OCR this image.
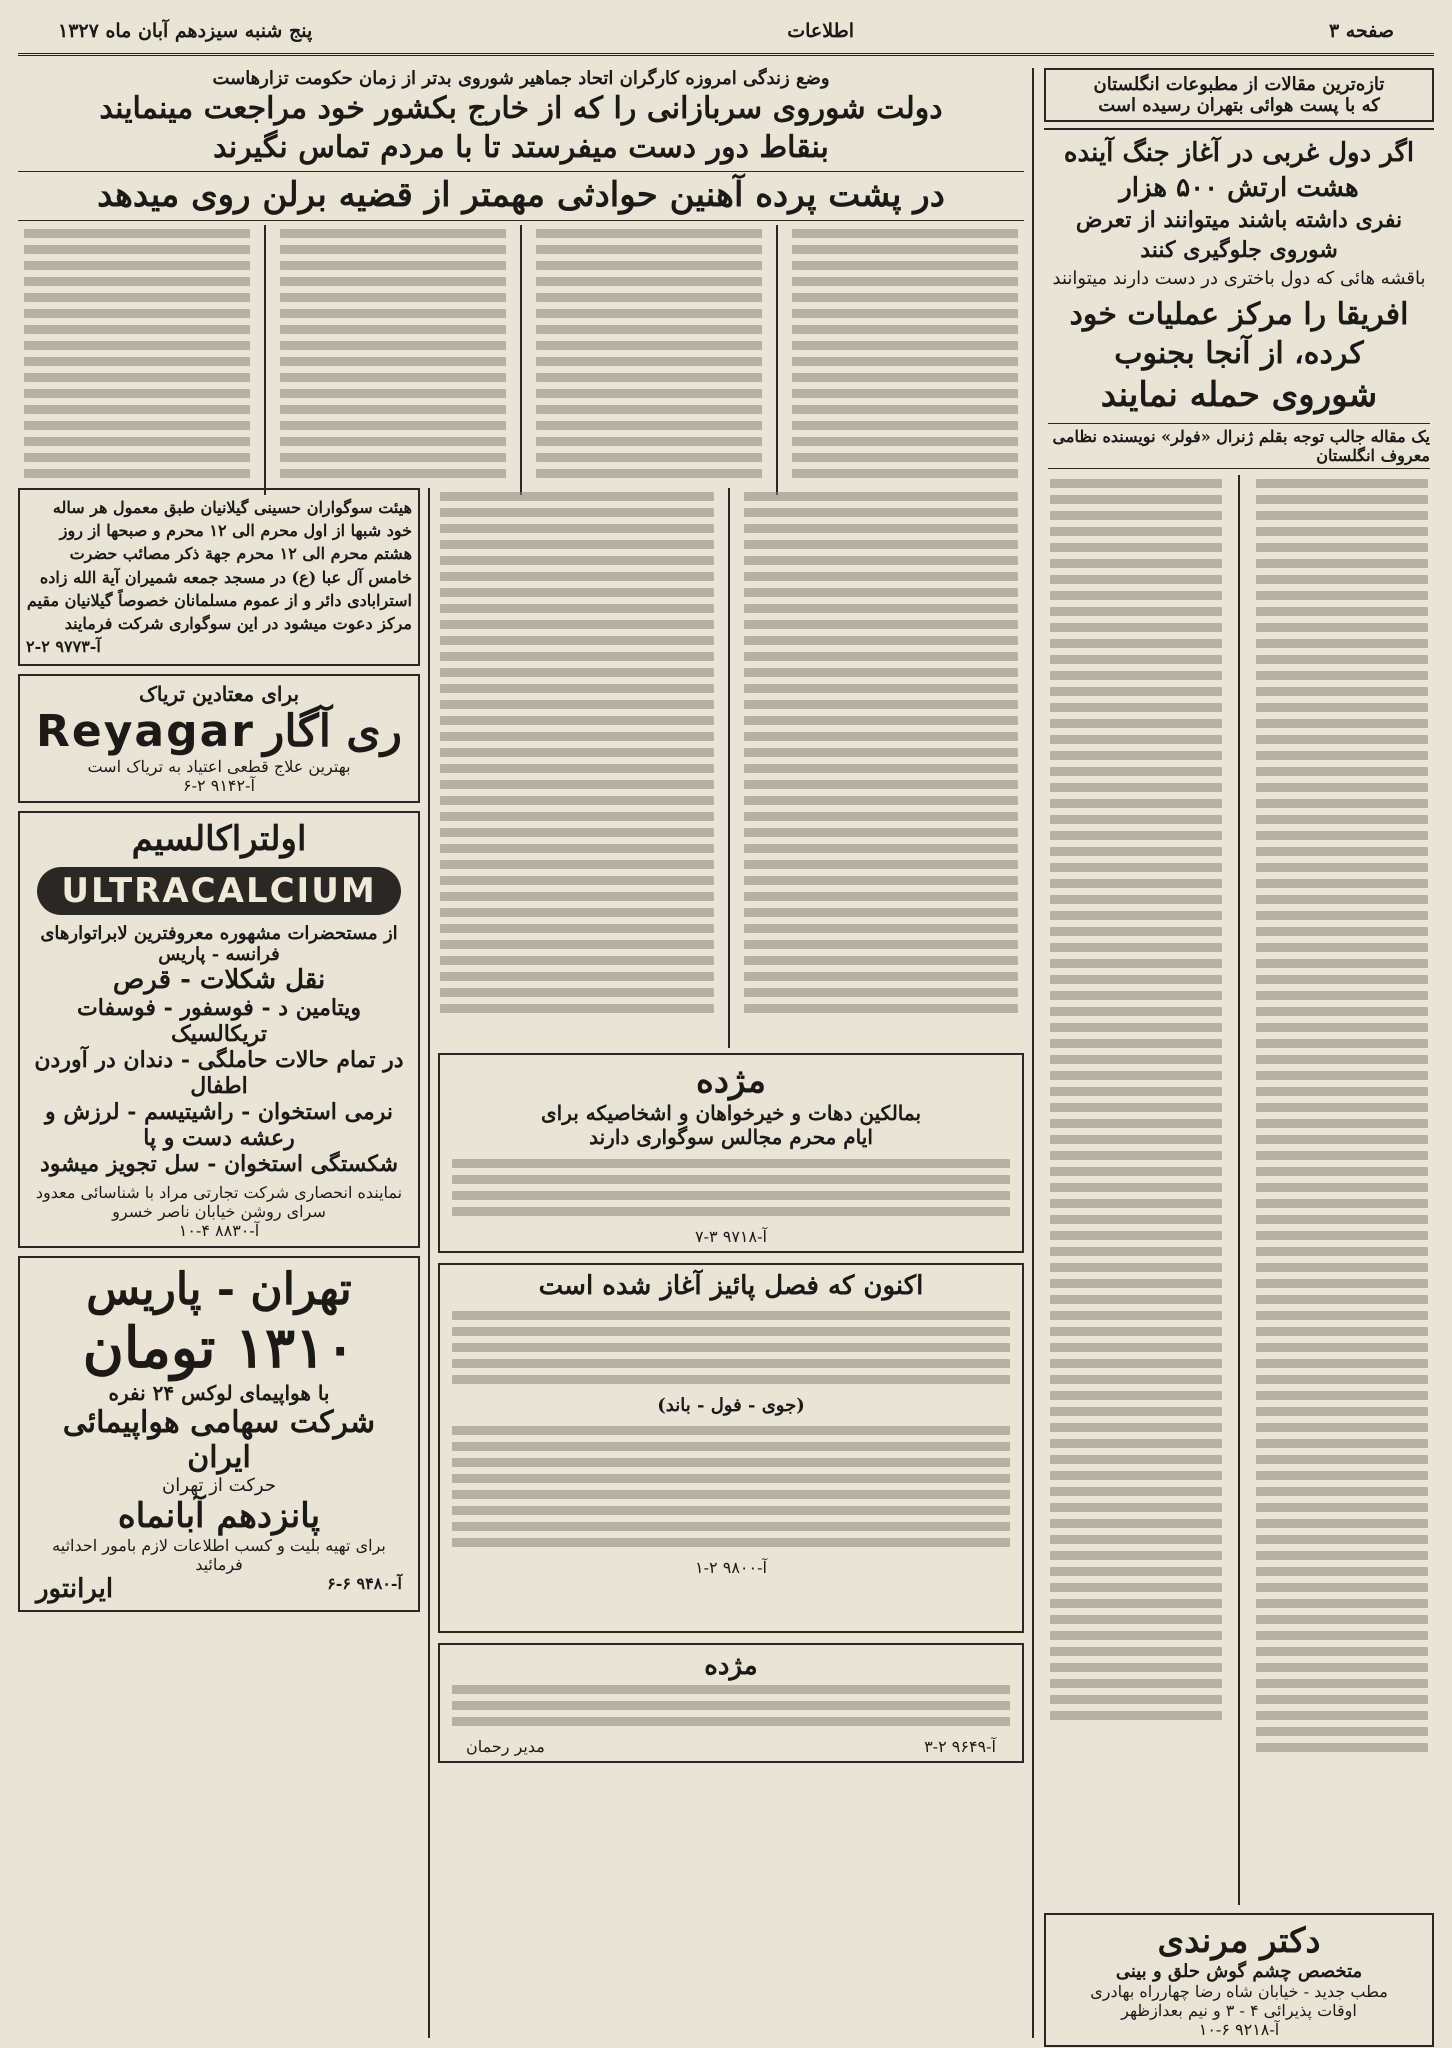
صفحه ۳
اطلاعات
پنج شنبه سیزدهم آبان ماه ۱۳۲۷
تازه‌ترین مقالات از مطبوعات انگلستان
که با پست هوائی بتهران رسیده است
اگر دول غربی در آغاز جنگ آینده هشت ارتش ۵۰۰ هزار
نفری داشته باشند میتوانند از تعرض شوروی جلوگیری کنند
باقشه هائی که دول باختری در دست دارند میتوانند
افریقا را مرکز عملیات خود کرده، از آنجا بجنوب
شوروی حمله نمایند
یک مقاله جالب توجه بقلم ژنرال «فولر» نویسنده نظامی معروف انگلستان
دکتر مرندی
متخصص چشم گوش حلق و بینی
مطب جدید - خیابان شاه رضا چهارراه بهادری
اوقات پذیرائی ۴ - ۳ و نیم بعدازظهر
آ-۹۲۱۸ ۶-۱۰
وضع زندگی امروزه کارگران اتحاد جماهیر شوروی بدتر از زمان حکومت تزارهاست
دولت شوروی سربازانی را که از خارج بکشور خود مراجعت مینمایند
بنقاط دور دست میفرستد تا با مردم تماس نگیرند
در پشت پرده آهنین حوادثی مهمتر از قضیه برلن روی میدهد
مژده
بمالکین دهات و خیرخواهان و اشخاصیکه برای
ایام محرم مجالس سوگواری دارند
آ-۹۷۱۸ ۳-۷
اکنون که فصل پائیز آغاز شده است
(جوی - فول - باند)
آ-۹۸۰۰ ۲-۱
مژده
آ-۹۶۴۹ ۲-۳
مدیر رحمان
هیئت سوگواران حسینی گیلانیان طبق معمول هر ساله خود شبها از اول محرم الی ۱۲ محرم و صبحها از روز هشتم محرم الی ۱۲ محرم جهة ذکر مصائب حضرت خامس آل عبا (ع) در مسجد جمعه شمیران آیة الله زاده استرابادی دائر و از عموم مسلمانان خصوصاً گیلانیان مقیم مرکز دعوت میشود در این سوگواری شرکت فرمایند
آ-۹۷۷۳ ۲-۲
برای معتادین تریاک
ری آگار
Reyagar
بهترین علاج قطعی اعتیاد به تریاک است
آ-۹۱۴۲ ۲-۶
اولتراکالسیم
ULTRACALCIUM
از مستحضرات مشهوره معروفترین لابراتوارهای فرانسه - پاریس
نقل شکلات - قرص
ویتامین د - فوسفور - فوسفات تریکالسیک
در تمام حالات حاملگی - دندان در آوردن اطفال
نرمی استخوان - راشیتیسم - لرزش و رعشه دست و پا
شکستگی استخوان - سل تجویز میشود
نماینده انحصاری شرکت تجارتی مراد با شناسائی معدود سرای روشن خیابان ناصر خسرو
آ-۸۸۳۰ ۴-۱۰
تهران - پاریس
۱۳۱۰ تومان
با هواپیمای لوکس ۲۴ نفره
شرکت سهامی هواپیمائی ایران
حرکت از تهران
پانزدهم آبانماه
برای تهیه بلیت و کسب اطلاعات لازم بامور احداثیه فرمائید
آ-۹۴۸۰ ۶-۶
ایرانتور
